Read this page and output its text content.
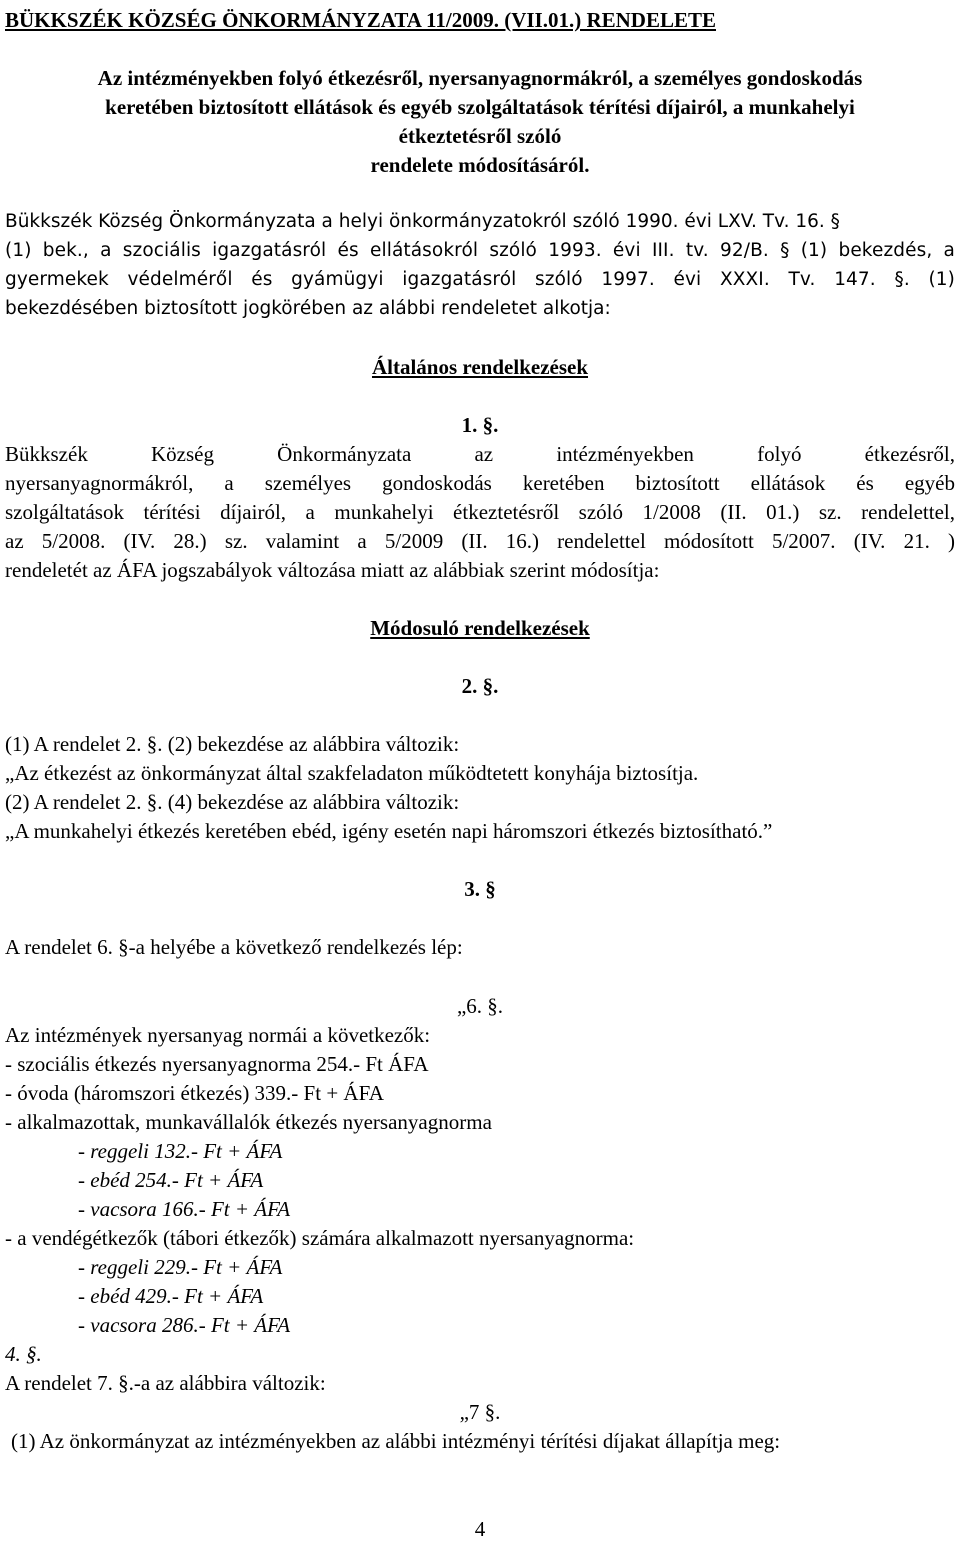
BÜKKSZÉK KÖZSÉG ÖNKORMÁNYZATA 11/2009. (VII.01.) RENDELETE
Az intézményekben folyó étkezésről, nyersanyagnormákról, a személyes gondoskodás
keretében biztosított ellátások és egyéb szolgáltatások térítési díjairól, a munkahelyi
étkeztetésről szóló
rendelete módosításáról.
Bükkszék Község Önkormányzata a helyi önkormányzatokról szóló 1990. évi LXV. Tv. 16. §
(1) bek., a szociális igazgatásról és ellátásokról szóló 1993. évi III. tv. 92/B. § (1) bekezdés, a
gyermekek védelméről és gyámügyi igazgatásról szóló 1997. évi XXXI. Tv. 147. §. (1)
bekezdésében biztosított jogkörében az alábbi rendeletet alkotja:
Általános rendelkezések
1. §.
Bükkszék Község Önkormányzata az intézményekben folyó étkezésről,
nyersanyagnormákról, a személyes gondoskodás keretében biztosított ellátások és egyéb
szolgáltatások térítési díjairól, a munkahelyi étkeztetésről szóló 1/2008 (II. 01.) sz. rendelettel,
az 5/2008. (IV. 28.) sz. valamint a 5/2009 (II. 16.) rendelettel módosított 5/2007. (IV. 21. )
rendeletét az ÁFA jogszabályok változása miatt az alábbiak szerint módosítja:
Módosuló rendelkezések
2. §.
(1) A rendelet 2. §. (2) bekezdése az alábbira változik:
„Az étkezést az önkormányzat által szakfeladaton működtetett konyhája biztosítja.
(2) A rendelet 2. §. (4) bekezdése az alábbira változik:
„A munkahelyi étkezés keretében ebéd, igény esetén napi háromszori étkezés biztosítható.”
3. §
A rendelet 6. §-a helyébe a következő rendelkezés lép:
„6. §.
Az intézmények nyersanyag normái a következők:
- szociális étkezés nyersanyagnorma 254.- Ft ÁFA
- óvoda (háromszori étkezés) 339.- Ft + ÁFA
- alkalmazottak, munkavállalók étkezés nyersanyagnorma
- reggeli 132.- Ft + ÁFA
- ebéd 254.- Ft + ÁFA
- vacsora 166.- Ft + ÁFA
- a vendégétkezők (tábori étkezők) számára alkalmazott nyersanyagnorma:
- reggeli 229.- Ft + ÁFA
- ebéd 429.- Ft + ÁFA
- vacsora 286.- Ft + ÁFA
4. §.
A rendelet 7. §.-a az alábbira változik:
„7 §.
(1) Az önkormányzat az intézményekben az alábbi intézményi térítési díjakat állapítja meg:
4
